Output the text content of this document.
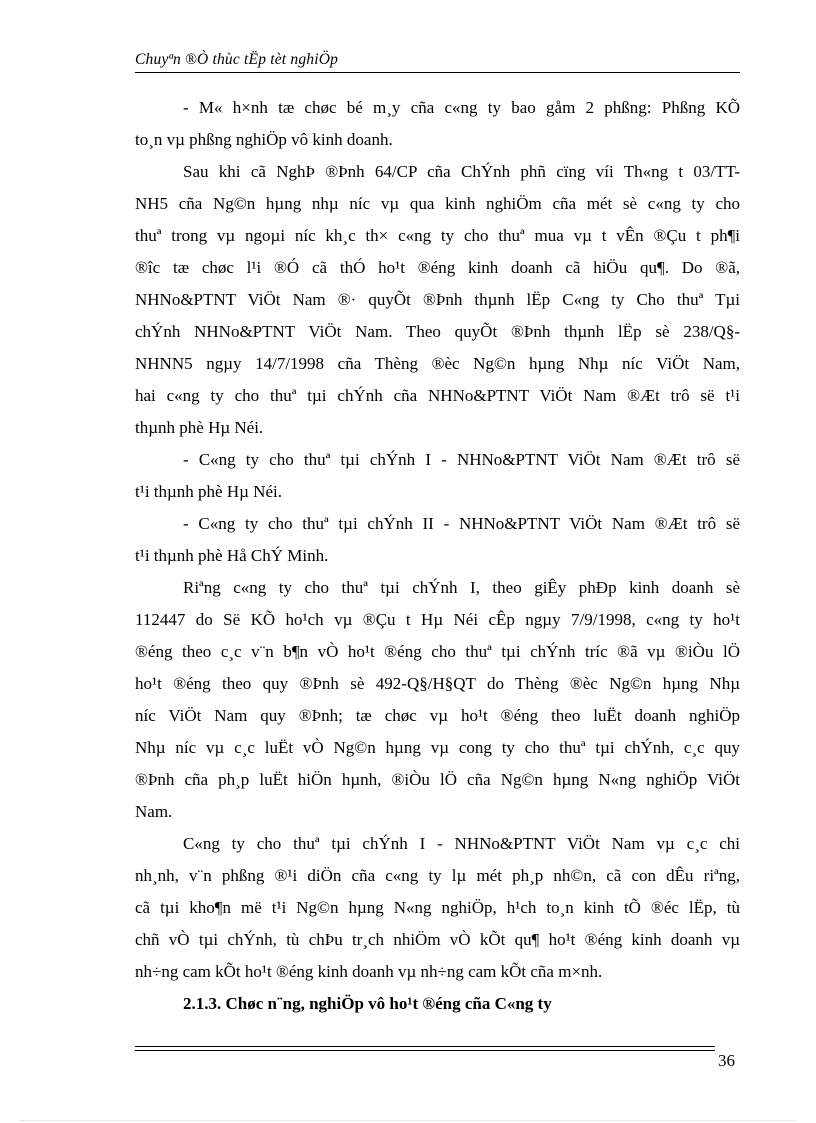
Chuyªn ®Ò thùc tËp tèt nghiÖp
- M« h×nh tæ chøc bé m¸y cña c«ng ty bao gåm 2 phßng: Phßng KÕ
to¸n vµ phßng nghiÖp vô kinh doanh.
Sau khi cã NghÞ ®Þnh 64/CP cña ChÝnh phñ cïng víi Th«ng t 03/TT-
NH5 cña Ng©n hµng nhµ níc vµ qua kinh nghiÖm cña mét sè c«ng ty cho
thuª trong vµ ngoµi níc kh¸c th× c«ng ty cho thuª mua vµ t vÊn ®Çu t ph¶i
®îc tæ chøc l¹i ®Ó cã thÓ ho¹t ®éng kinh doanh cã hiÖu qu¶. Do ®ã,
NHNo&PTNT ViÖt Nam ®· quyÕt ®Þnh thµnh lËp C«ng ty Cho thuª Tµi
chÝnh NHNo&PTNT ViÖt Nam. Theo quyÕt ®Þnh thµnh lËp sè 238/Q§-
NHNN5 ngµy 14/7/1998 cña Thèng ®èc Ng©n hµng Nhµ níc ViÖt Nam,
hai c«ng ty cho thuª tµi chÝnh cña NHNo&PTNT ViÖt Nam ®Æt trô së t¹i
thµnh phè Hµ Néi.
- C«ng ty cho thuª tµi chÝnh I - NHNo&PTNT ViÖt Nam ®Æt trô së
t¹i thµnh phè Hµ Néi.
- C«ng ty cho thuª tµi chÝnh II - NHNo&PTNT ViÖt Nam ®Æt trô së
t¹i thµnh phè Hå ChÝ Minh.
Riªng c«ng ty cho thuª tµi chÝnh I, theo giÊy phÐp kinh doanh sè
112447 do Së KÕ ho¹ch vµ ®Çu t Hµ Néi cÊp ngµy 7/9/1998, c«ng ty ho¹t
®éng theo c¸c v¨n b¶n vÒ ho¹t ®éng cho thuª tµi chÝnh tríc ®ã vµ ®iÒu lÖ
ho¹t ®éng theo quy ®Þnh sè 492-Q§/H§QT do Thèng ®èc Ng©n hµng Nhµ
níc ViÖt Nam quy ®Þnh; tæ chøc vµ ho¹t ®éng theo luËt doanh nghiÖp
Nhµ níc vµ c¸c luËt vÒ Ng©n hµng vµ cong ty cho thuª tµi chÝnh, c¸c quy
®Þnh cña ph¸p luËt hiÖn hµnh, ®iÒu lÖ cña Ng©n hµng N«ng nghiÖp ViÖt
Nam.
C«ng ty cho thuª tµi chÝnh I - NHNo&PTNT ViÖt Nam vµ c¸c chi
nh¸nh, v¨n phßng ®¹i diÖn cña c«ng ty lµ mét ph¸p nh©n, cã con dÊu riªng,
cã tµi kho¶n më t¹i Ng©n hµng N«ng nghiÖp, h¹ch to¸n kinh tÕ ®éc lËp, tù
chñ vÒ tµi chÝnh, tù chÞu tr¸ch nhiÖm vÒ kÕt qu¶ ho¹t ®éng kinh doanh vµ
nh÷ng cam kÕt ho¹t ®éng kinh doanh vµ nh÷ng cam kÕt cña m×nh.
2.1.3. Chøc n¨ng, nghiÖp vô ho¹t ®éng cña C«ng ty
36
